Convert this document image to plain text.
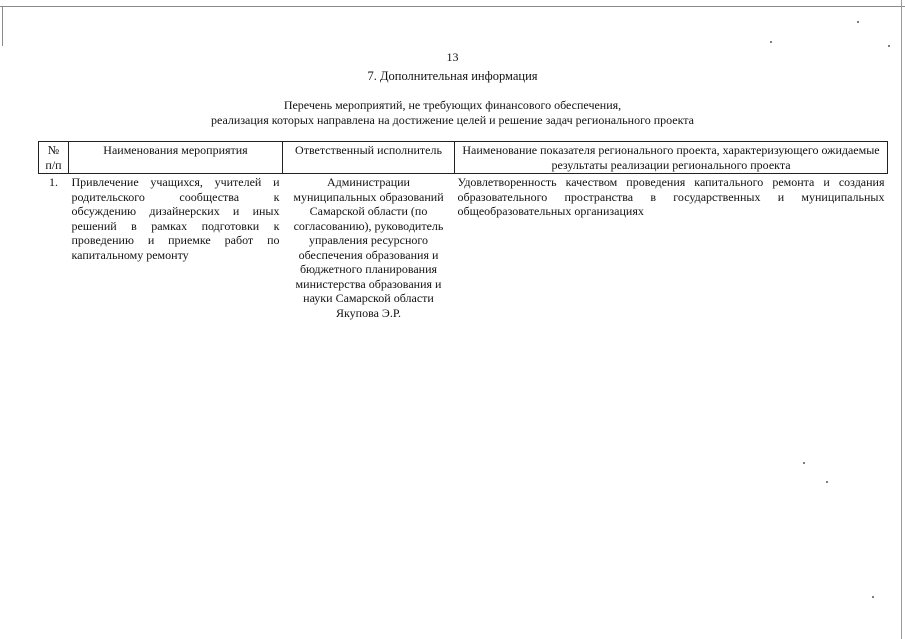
13
7. Дополнительная информация
Перечень мероприятий, не требующих финансового обеспечения,
реализация которых направлена на достижение целей и решение задач регионального проекта
№ п/п	Наименования мероприятия	Ответственный исполнитель	Наименование показателя регионального проекта, характеризующего ожидаемые результаты реализации регионального проекта
1.	Привлечение учащихся, учителей и родительского сообщества к обсуждению дизайнерских и иных решений в рамках подготовки к проведению и приемке работ по капитальному ремонту	Администрации муниципальных образований Самарской области (по согласованию), руководитель управления ресурсного обеспечения образования и бюджетного планирования министерства образования и науки Самарской области Якупова Э.Р.	Удовлетворенность качеством проведения капитального ремонта и создания образовательного пространства в государственных и муниципальных общеобразовательных организациях
